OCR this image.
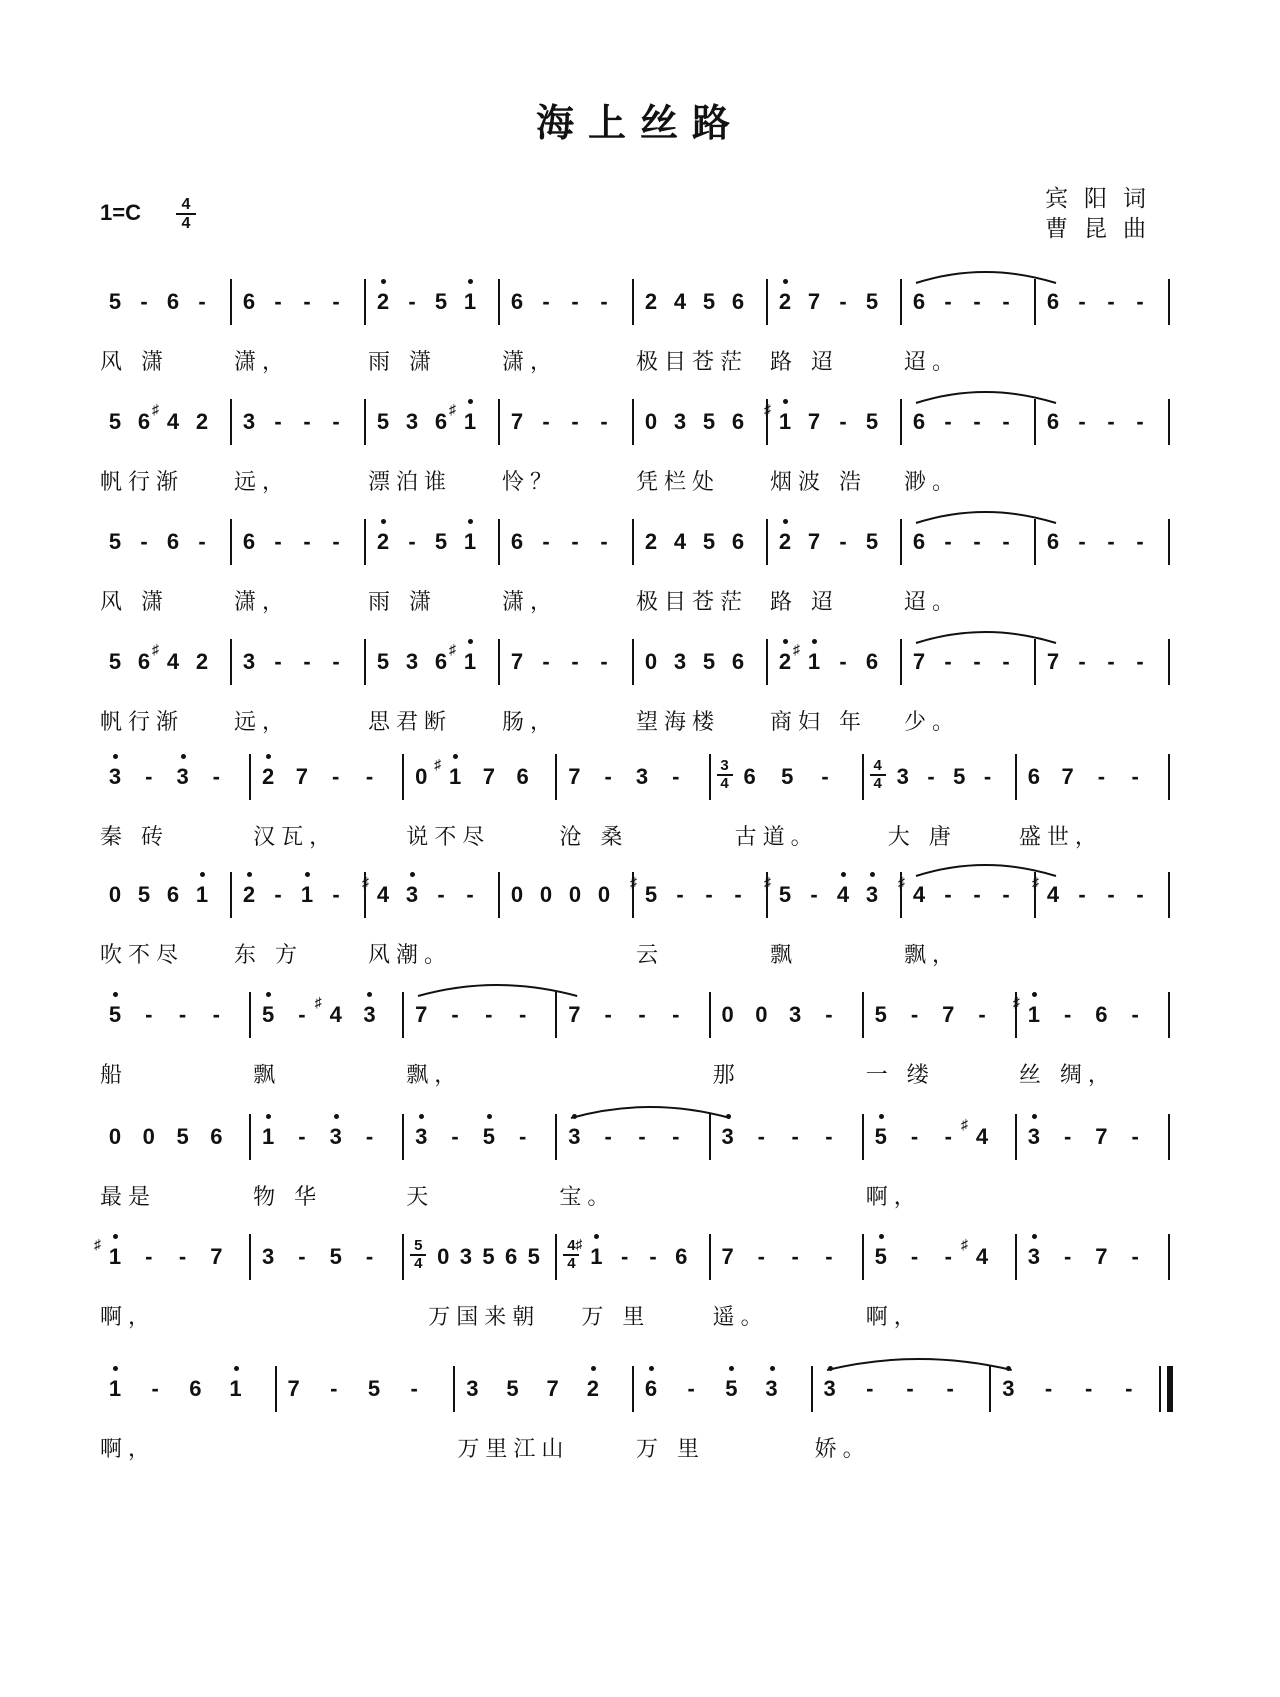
海上丝路
$1=C \frac{4}{4}$	宾阳词
曹昆曲
5 - 6 -
风 潇
6 - - -
潇，
2 - 5 1
雨 潇
6 - - -
潇，
2 4 5 6
极目苍茫
2 7 - 5
路 迢
6 - - -
迢。
6 - - -
5 6 4
♯ 2
帆行渐
3 - - -
远，
5 3 6 1
♯
漂泊谁
7 - - -
怜？
0 3 5 6
凭栏处
1
♯ 7 - 5
烟波 浩
6 - - -
渺。
6 - - -
5 - 6 -
风 潇
6 - - -
潇，
2 - 5 1
雨 潇
6 - - -
潇，
2 4 5 6
极目苍茫
2 7 - 5
路 迢
6 - - -
迢。
6 - - -
5 6 4
♯ 2
帆行渐
3 - - -
远，
5 3 6 1
♯
思君断
7 - - -
肠，
0 3 5 6
望海楼
2 1
♯ - 6
商妇 年
7 - - -
少。
7 - - -
3 - 3 -
秦 砖
2 7 - -
汉瓦，
0 1
♯ 7 6
说不尽
7 - 3 -
沧 桑
$\frac{3}{4} 6$ 5 -
古道。
$\frac{4}{4} 3 - 5$ -
大 唐
6 7 - -
盛世，
0 5 6 1
吹不尽
2 - 1 -
东 方
4
♯ 3 - -
风潮。
0 0 0 0 5
♯ - - -
云
5
♯ - 4 3
飘
4
♯ - - -
飘，
4
♯ - - -
5 - - -
船
5 - 4
♯ 3
飘
7 - - -
飘，
7 - - - 0 0 3 -
那
5 - 7 -
一 缕
1
♯ - 6 -
丝 绸，
0 0 5 6
最是
1 - 3 -
物 华
3 - 5 -
天
3 - - -
宝。
3 - - - 5 - - 4
♯
啊，
3 - 7 -
1
♯ - - 7
啊，
3 - 5 -	$\frac{5}{4} 0$ 3 5 6 5
万国来朝
$\frac{4}{4} 1$
♯ - - 6
万 里
7 - - -
遥。
5 - - 4
♯
啊，
3 - 7 -
1 - 6 1
啊，
7 - 5 - 3 5 7 2
万里江山
6 - 5 3
万 里
3 - - -
娇。
3 - - -
